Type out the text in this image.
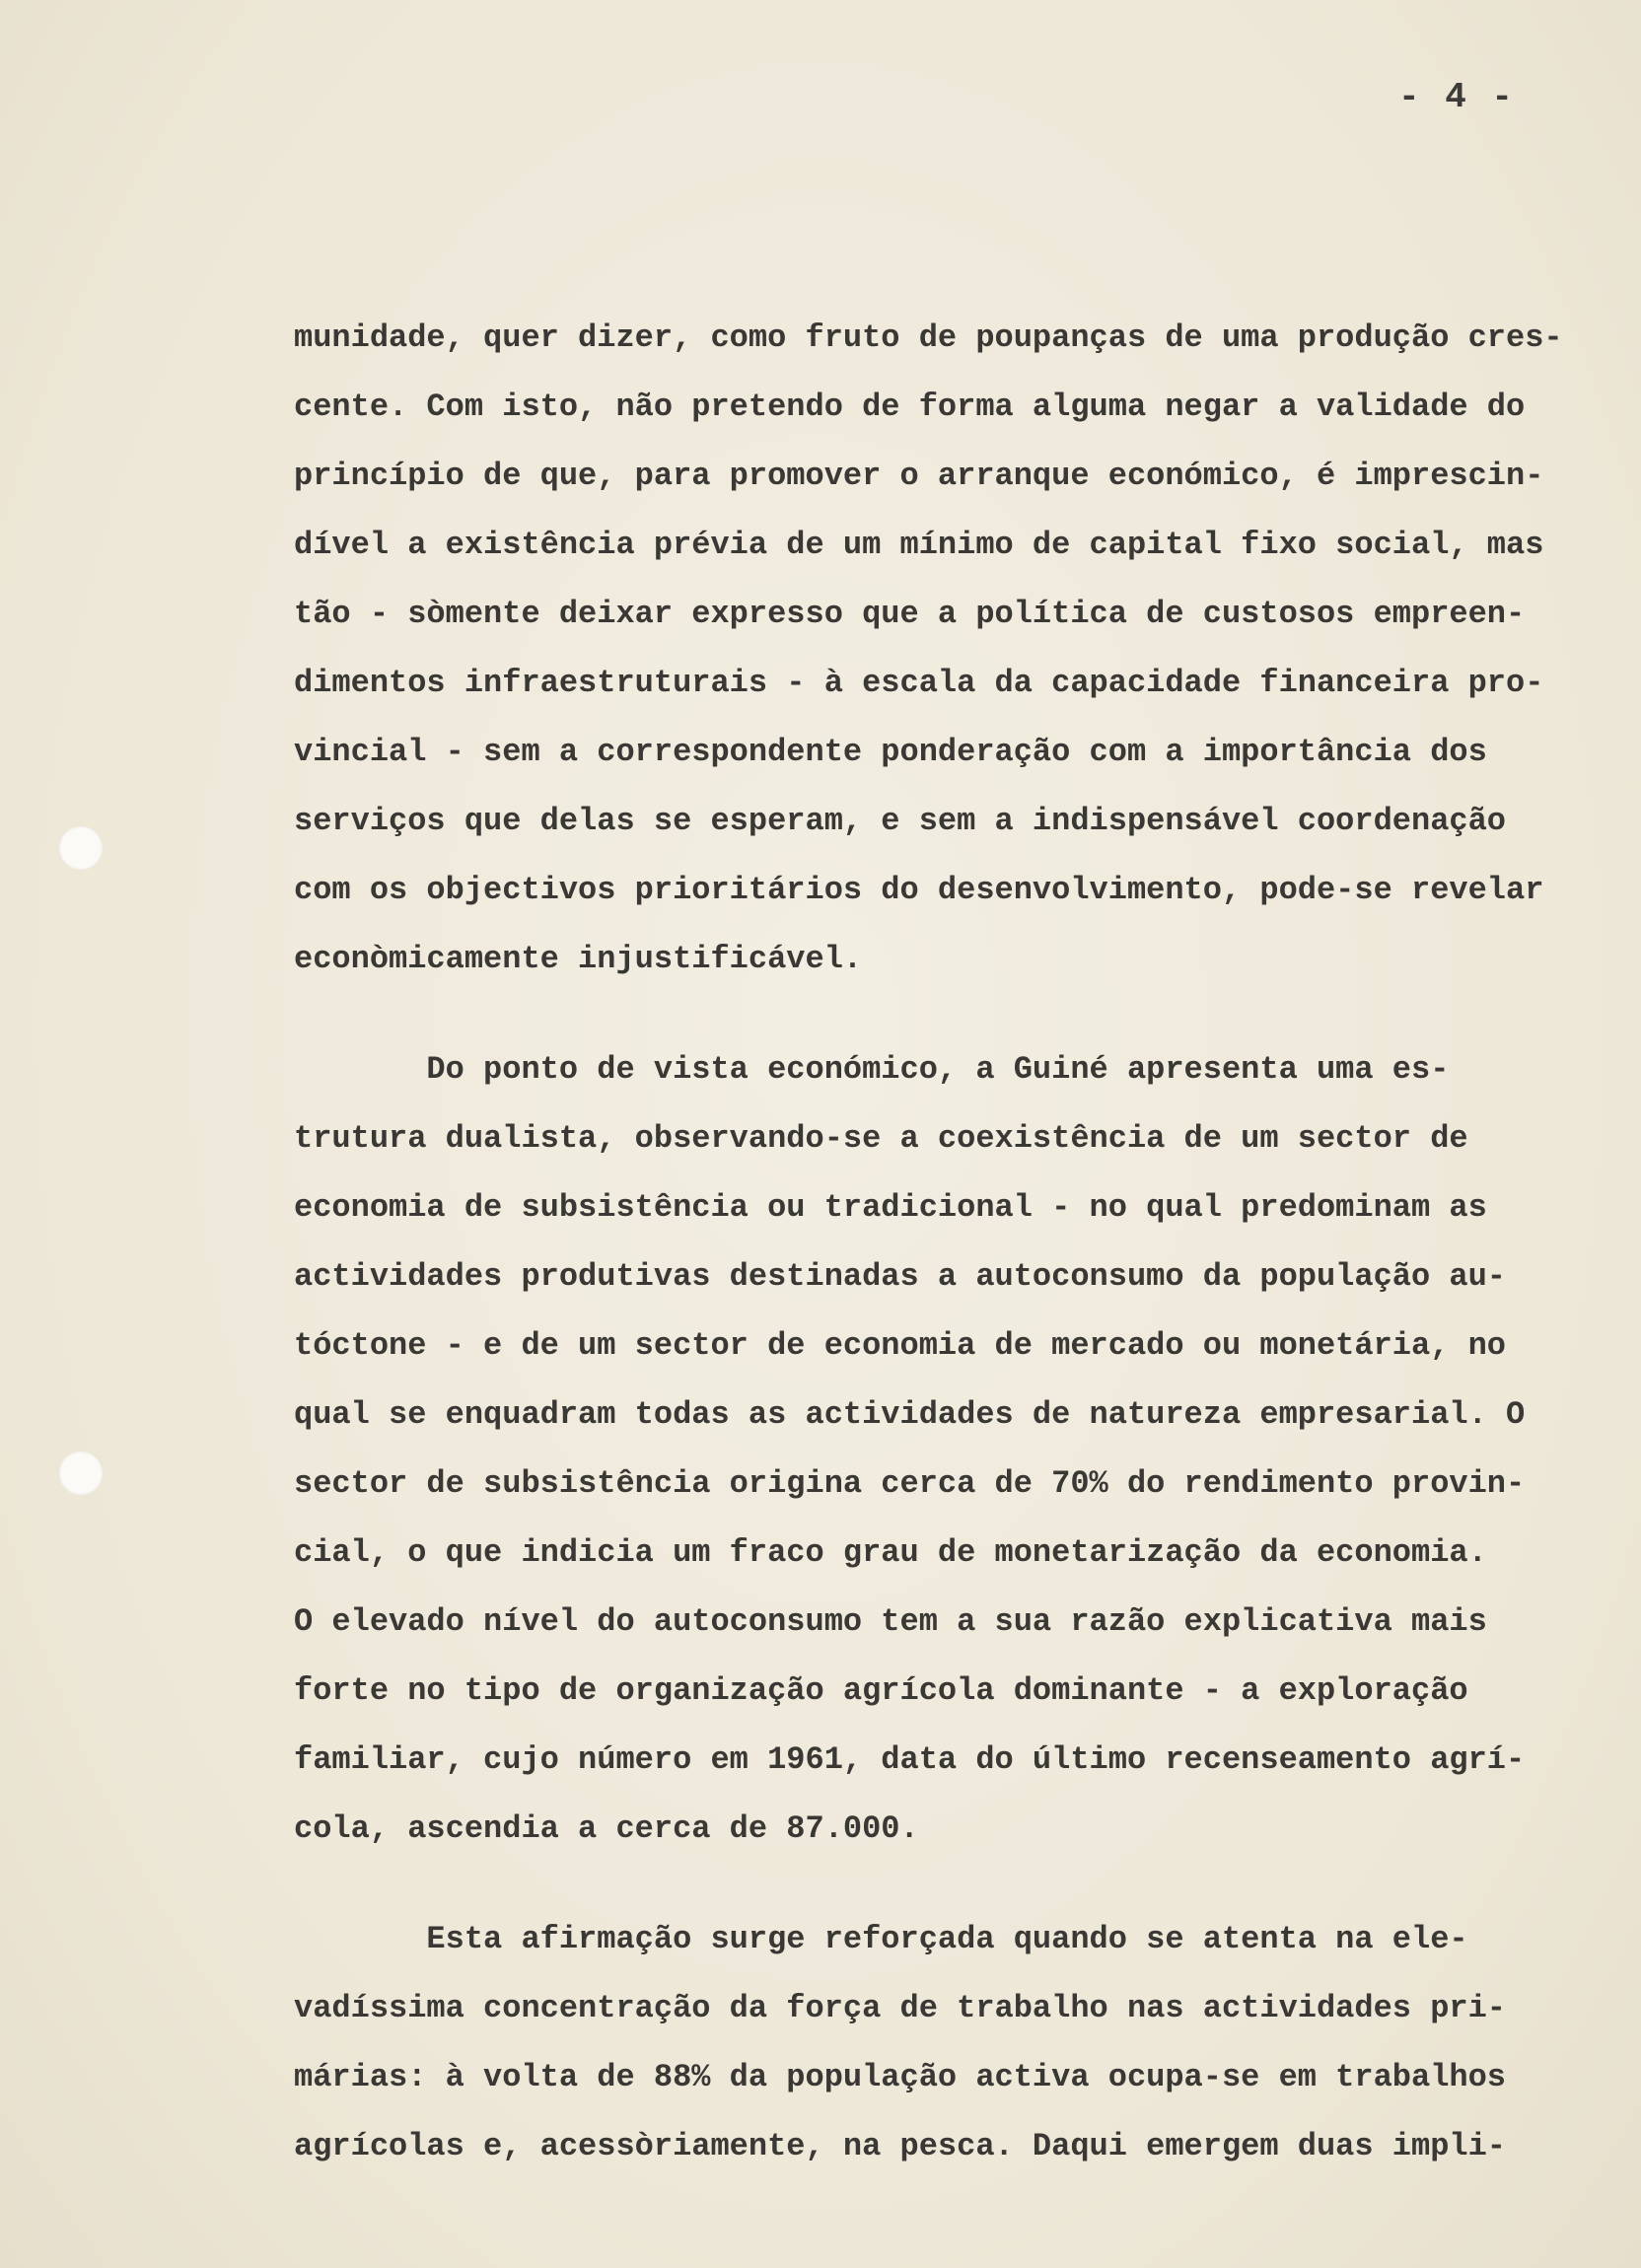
- 4 -
munidade, quer dizer, como fruto de poupanças de uma produção cres-
cente. Com isto, não pretendo de forma alguma negar a validade do
princípio de que, para promover o arranque económico, é imprescin-
dível a existência prévia de um mínimo de capital fixo social, mas
tão - sòmente deixar expresso que a política de custosos empreen-
dimentos infraestruturais - à escala da capacidade financeira pro-
vincial - sem a correspondente ponderação com a importância dos
serviços que delas se esperam, e sem a indispensável coordenação
com os objectivos prioritários do desenvolvimento, pode-se revelar
econòmicamente injustificável.
Do ponto de vista económico, a Guiné apresenta uma es-
trutura dualista, observando-se a coexistência de um sector de
economia de subsistência ou tradicional - no qual predominam as
actividades produtivas destinadas a autoconsumo da população au-
tóctone - e de um sector de economia de mercado ou monetária, no
qual se enquadram todas as actividades de natureza empresarial. O
sector de subsistência origina cerca de 70% do rendimento provin-
cial, o que indicia um fraco grau de monetarização da economia.
O elevado nível do autoconsumo tem a sua razão explicativa mais
forte no tipo de organização agrícola dominante - a exploração
familiar, cujo número em 1961, data do último recenseamento agrí-
cola, ascendia a cerca de 87.000.
Esta afirmação surge reforçada quando se atenta na ele-
vadíssima concentração da força de trabalho nas actividades pri-
márias: à volta de 88% da população activa ocupa-se em trabalhos
agrícolas e, acessòriamente, na pesca. Daqui emergem duas impli-
